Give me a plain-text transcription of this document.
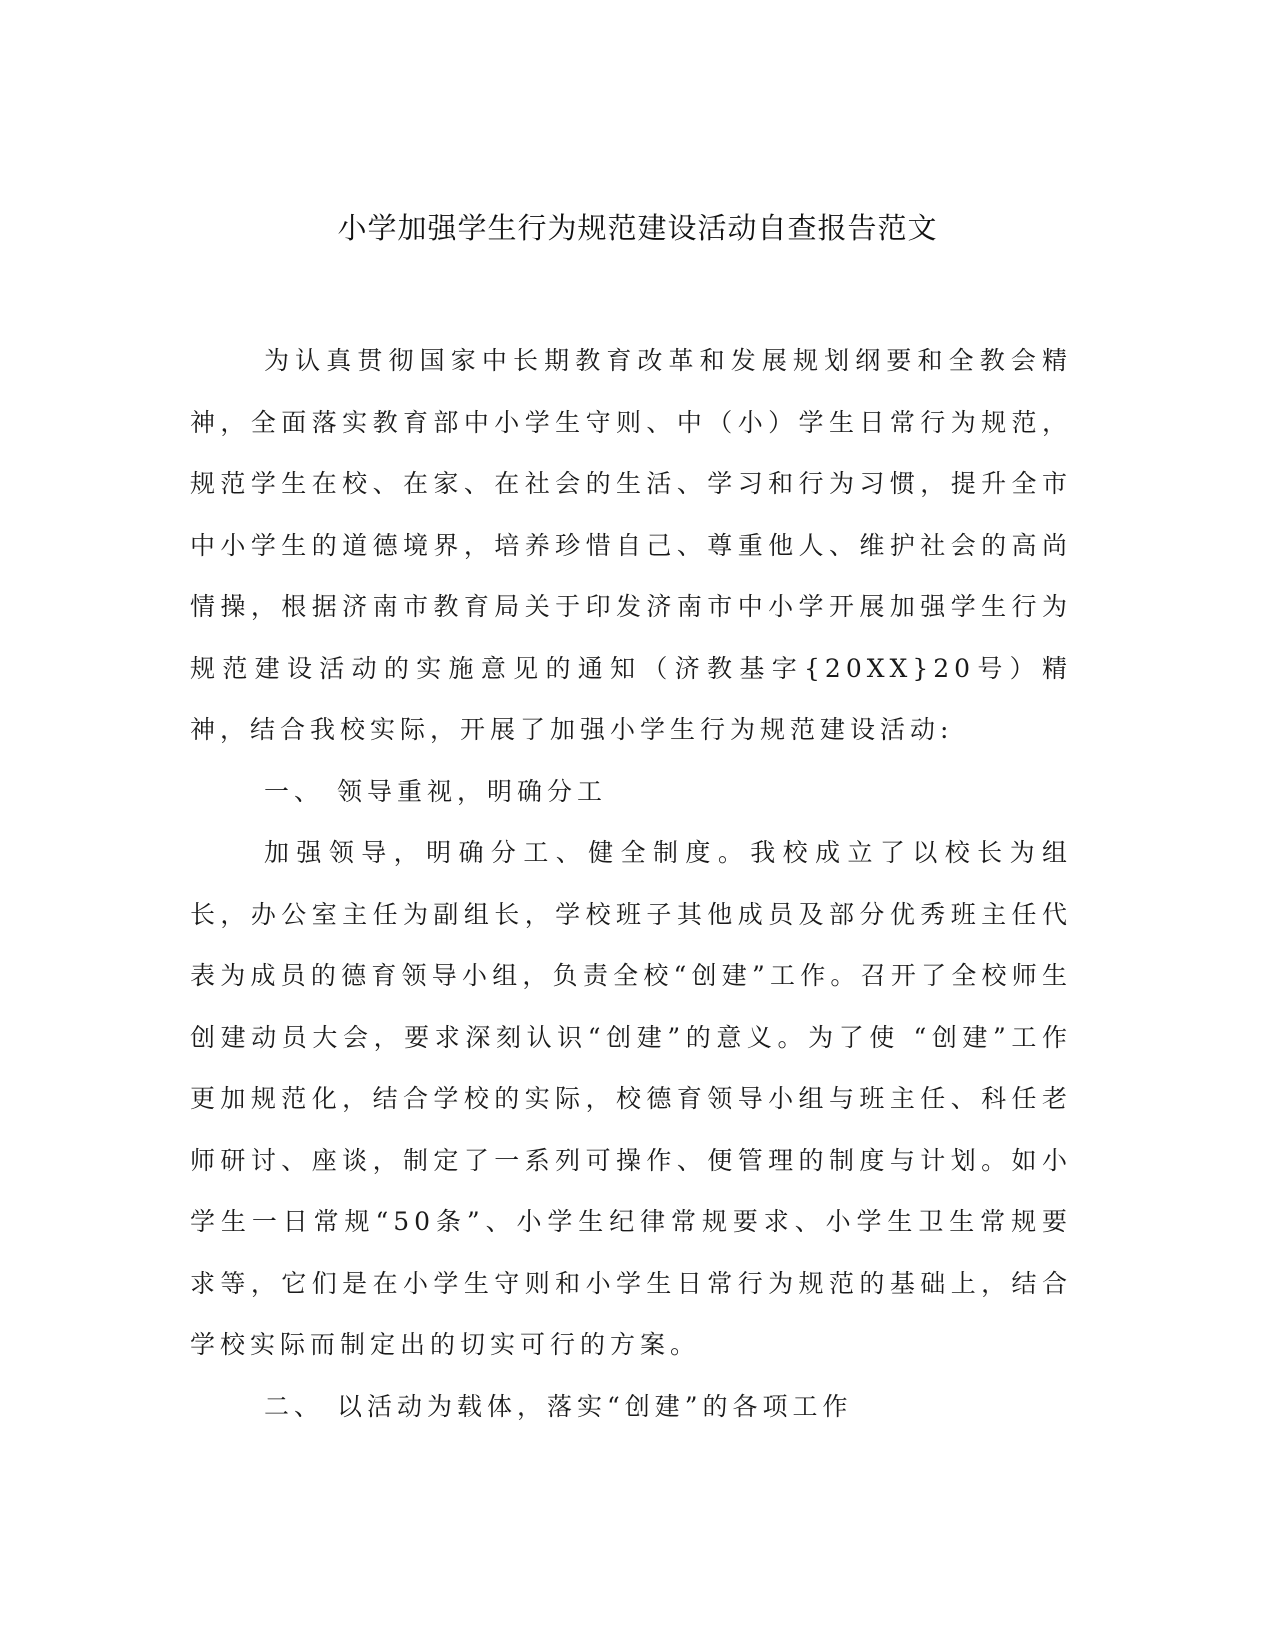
小学加强学生行为规范建设活动自查报告范文

为认真贯彻国家中长期教育改革和发展规划纲要和全教会精神，全面落实教育部中小学生守则、中（小）学生日常行为规范，规范学生在校、在家、在社会的生活、学习和行为习惯，提升全市中小学生的道德境界，培养珍惜自己、尊重他人、维护社会的高尚情操，根据济南市教育局关于印发济南市中小学开展加强学生行为规范建设活动的实施意见的通知（济教基字{20XX}20号）精神，结合我校实际，开展了加强小学生行为规范建设活动:

一、 领导重视，明确分工

加强领导，明确分工、健全制度。我校成立了以校长为组长，办公室主任为副组长，学校班子其他成员及部分优秀班主任代表为成员的德育领导小组，负责全校“创建”工作。召开了全校师生创建动员大会，要求深刻认识“创建”的意义。为了使 “创建”工作更加规范化，结合学校的实际，校德育领导小组与班主任、科任老师研讨、座谈，制定了一系列可操作、便管理的制度与计划。如小学生一日常规“50条”、小学生纪律常规要求、小学生卫生常规要求等，它们是在小学生守则和小学生日常行为规范的基础上，结合学校实际而制定出的切实可行的方案。

二、 以活动为载体，落实“创建”的各项工作
